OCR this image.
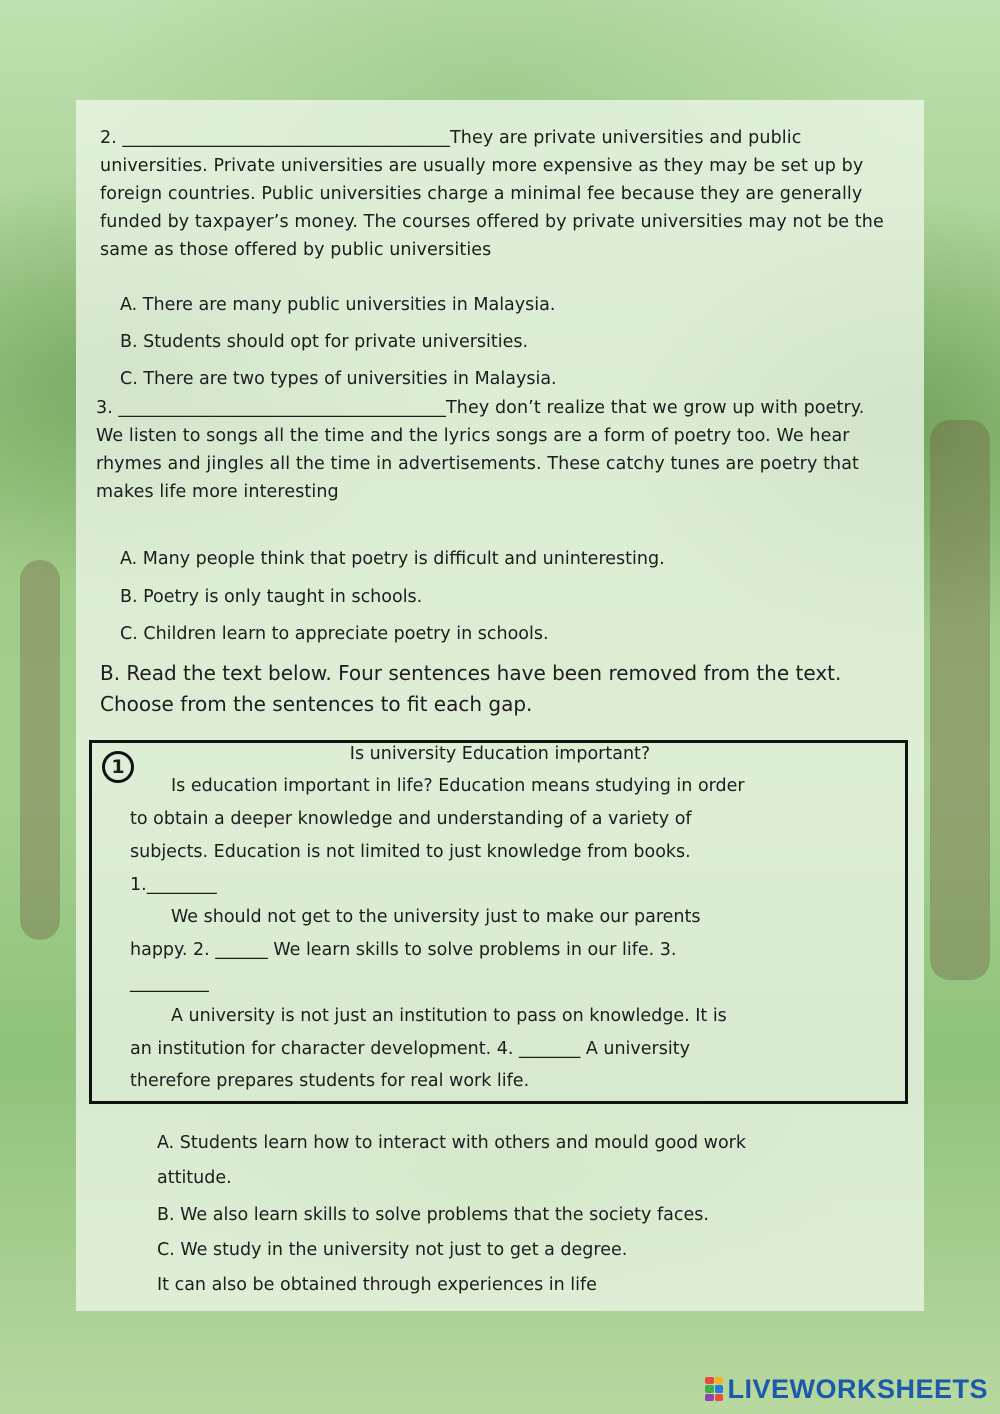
2. _____________________________________They are private universities and public universities. Private universities are usually more expensive as they may be set up by foreign countries. Public universities charge a minimal fee because they are generally funded by taxpayer’s money. The courses offered by private universities may not be the same as those offered by public universities
A. There are many public universities in Malaysia.
B. Students should opt for private universities.
C. There are two types of universities in Malaysia.
3. _____________________________________They don’t realize that we grow up with poetry. We listen to songs all the time and the lyrics songs are a form of poetry too. We hear rhymes and jingles all the time in advertisements. These catchy tunes are poetry that makes life more interesting
A. Many people think that poetry is difficult and uninteresting.
B. Poetry is only taught in schools.
C. Children learn to appreciate poetry in schools.
B. Read the text below. Four sentences have been removed from the text. Choose from the sentences to fit each gap.
1
Is university Education important?
Is education important in life? Education means studying in order
to obtain a deeper knowledge and understanding of a variety of
subjects. Education is not limited to just knowledge from books.
1.________
We should not get to the university just to make our parents
happy. 2. ______ We learn skills to solve problems in our life. 3.
_________
A university is not just an institution to pass on knowledge. It is
an institution for character development. 4. _______ A university
therefore prepares students for real work life.
A. Students learn how to interact with others and mould good work
attitude.
B. We also learn skills to solve problems that the society faces.
C. We study in the university not just to get a degree.
It can also be obtained through experiences in life
LIVEWORKSHEETS
